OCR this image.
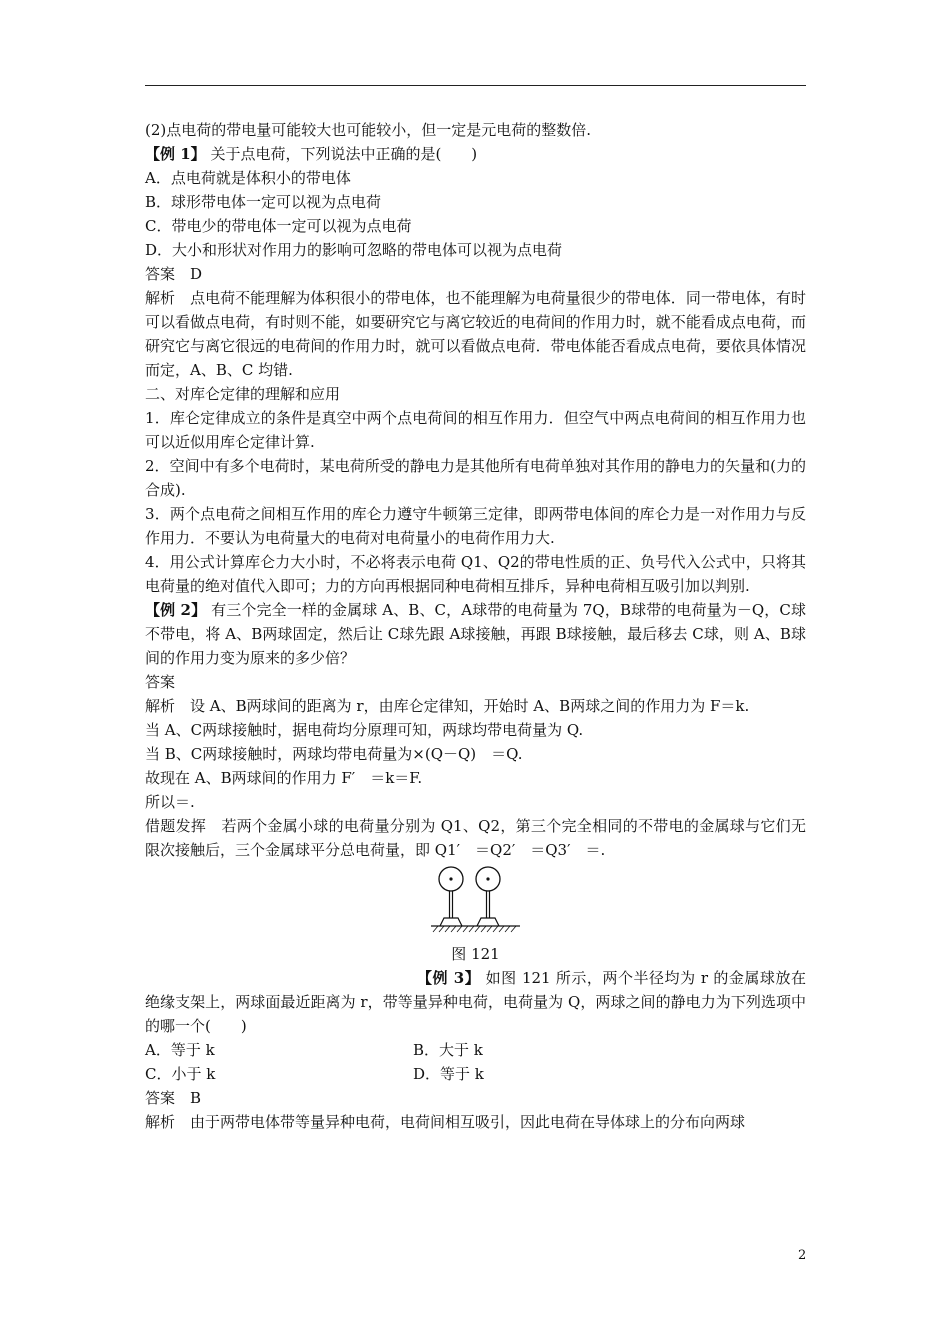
(2)点电荷的带电量可能较大也可能较小，但一定是元电荷的整数倍.

【例 1】 关于点电荷，下列说法中正确的是(　　)

A．点电荷就是体积小的带电体

B．球形带电体一定可以视为点电荷

C．带电少的带电体一定可以视为点电荷

D．大小和形状对作用力的影响可忽略的带电体可以视为点电荷

答案　D

解析　点电荷不能理解为体积很小的带电体，也不能理解为电荷量很少的带电体．同一带电体，有时可以看做点电荷，有时则不能，如要研究它与离它较近的电荷间的作用力时，就不能看成点电荷，而研究它与离它很远的电荷间的作用力时，就可以看做点电荷．带电体能否看成点电荷，要依具体情况而定，A、B、C 均错.

二、对库仑定律的理解和应用

1．库仑定律成立的条件是真空中两个点电荷间的相互作用力．但空气中两点电荷间的相互作用力也可以近似用库仑定律计算.

2．空间中有多个电荷时，某电荷所受的静电力是其他所有电荷单独对其作用的静电力的矢量和(力的合成).

3．两个点电荷之间相互作用的库仑力遵守牛顿第三定律，即两带电体间的库仑力是一对作用力与反作用力．不要认为电荷量大的电荷对电荷量小的电荷作用力大.

4．用公式计算库仑力大小时，不必将表示电荷 Q1、Q2的带电性质的正、负号代入公式中，只将其电荷量的绝对值代入即可；力的方向再根据同种电荷相互排斥，异种电荷相互吸引加以判别.

【例 2】 有三个完全一样的金属球 A、B、C，A球带的电荷量为 7Q，B球带的电荷量为－Q，C球不带电，将 A、B两球固定，然后让 C球先跟 A球接触，再跟 B球接触，最后移去 C球，则 A、B球间的作用力变为原来的多少倍？

答案

解析　设 A、B两球间的距离为 r，由库仑定律知，开始时 A、B两球之间的作用力为 F＝k.

当 A、C两球接触时，据电荷均分原理可知，两球均带电荷量为 Q.

当 B、C两球接触时，两球均带电荷量为×(Q－Q)　＝Q.

故现在 A、B两球间的作用力 F′　＝k＝F.

所以＝.

借题发挥　若两个金属小球的电荷量分别为 Q1、Q2，第三个完全相同的不带电的金属球与它们无限次接触后，三个金属球平分总电荷量，即 Q1′　＝Q2′　＝Q3′　＝.

图 121

【例 3】 如图 121 所示，两个半径均为 r 的金属球放在绝缘支架上，两球面最近距离为 r，带等量异种电荷，电荷量为 Q，两球之间的静电力为下列选项中的哪一个(　　)

A．等于 k	B．大于 k
C．小于 k	D．等于 k

答案　B

解析　由于两带电体带等量异种电荷，电荷间相互吸引，因此电荷在导体球上的分布向两球

2
